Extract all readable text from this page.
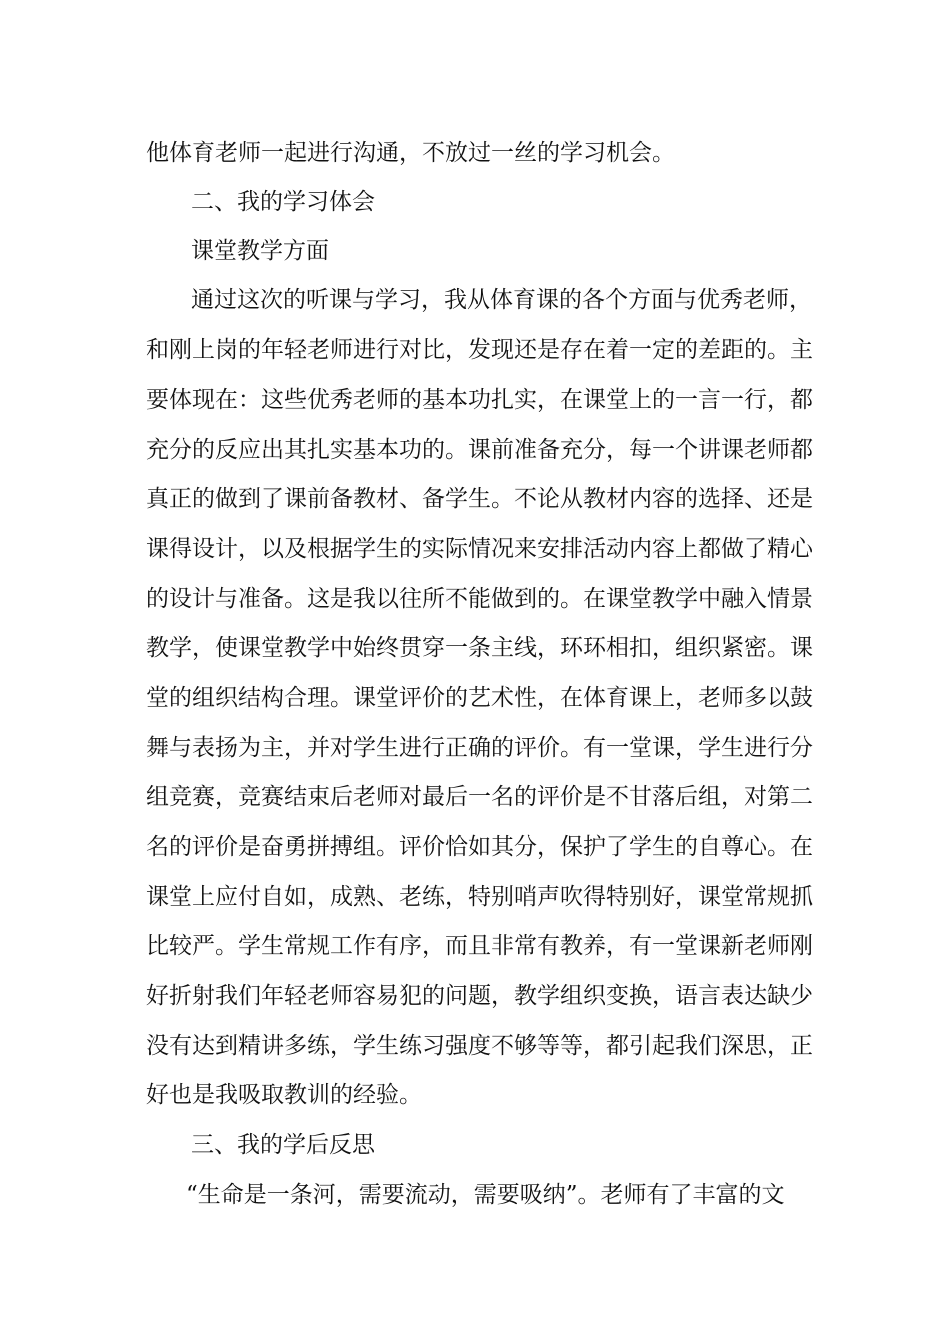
他体育老师一起进行沟通，不放过一丝的学习机会。
二、我的学习体会
课堂教学方面
通过这次的听课与学习，我从体育课的各个方面与优秀老师，
和刚上岗的年轻老师进行对比，发现还是存在着一定的差距的。主
要体现在：这些优秀老师的基本功扎实，在课堂上的一言一行，都
充分的反应出其扎实基本功的。课前准备充分，每一个讲课老师都
真正的做到了课前备教材、备学生。不论从教材内容的选择、还是
课得设计，以及根据学生的实际情况来安排活动内容上都做了精心
的设计与准备。这是我以往所不能做到的。在课堂教学中融入情景
教学，使课堂教学中始终贯穿一条主线，环环相扣，组织紧密。课
堂的组织结构合理。课堂评价的艺术性，在体育课上，老师多以鼓
舞与表扬为主，并对学生进行正确的评价。有一堂课，学生进行分
组竞赛，竞赛结束后老师对最后一名的评价是不甘落后组，对第二
名的评价是奋勇拼搏组。评价恰如其分，保护了学生的自尊心。在
课堂上应付自如，成熟、老练，特别哨声吹得特别好，课堂常规抓
比较严。学生常规工作有序，而且非常有教养，有一堂课新老师刚
好折射我们年轻老师容易犯的问题，教学组织变换，语言表达缺少
没有达到精讲多练，学生练习强度不够等等，都引起我们深思，正
好也是我吸取教训的经验。
三、我的学后反思
“生命是一条河，需要流动，需要吸纳”。老师有了丰富的文
